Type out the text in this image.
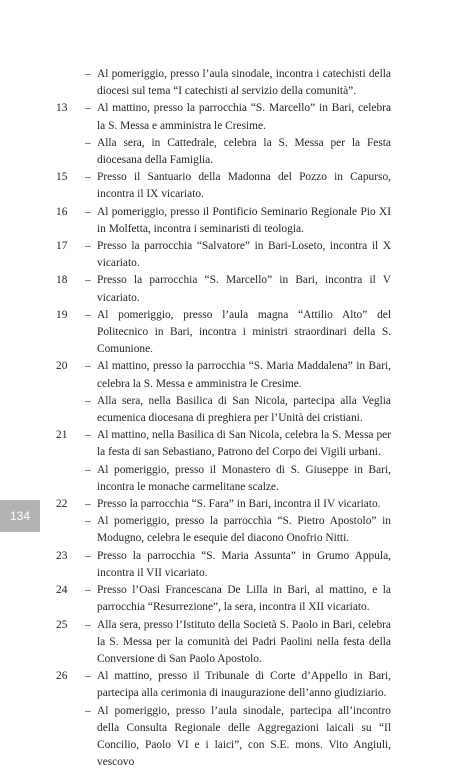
– Al pomeriggio, presso l’aula sinodale, incontra i catechisti della diocesi sul tema “I catechisti al servizio della comunità”.
13	– Al mattino, presso la parrocchia “S. Marcello” in Bari, celebra la S. Messa e amministra le Cresime.
– Alla sera, in Cattedrale, celebra la S. Messa per la Festa diocesana della Famiglia.
15	– Presso il Santuario della Madonna del Pozzo in Capurso, incontra il IX vicariato.
16	– Al pomeriggio, presso il Pontificio Seminario Regionale Pio XI in Molfetta, incontra i seminaristi di teologia.
17	– Presso la parrocchia “Salvatore” in Bari-Loseto, incontra il X vicariato.
18	– Presso la parrocchia “S. Marcello” in Bari, incontra il V vicariato.
19	– Al pomeriggio, presso l’aula magna “Attilio Alto” del Politecnico in Bari, incontra i ministri straordinari della S. Comunione.
20	– Al mattino, presso la parrocchia “S. Maria Maddalena” in Bari, celebra la S. Messa e amministra le Cresime.
– Alla sera, nella Basilica di San Nicola, partecipa alla Veglia ecumenica diocesana di preghiera per l’Unità dei cristiani.
21	– Al mattino, nella Basilica di San Nicola, celebra la S. Messa per la festa di san Sebastiano, Patrono del Corpo dei Vigili urbani.
– Al pomeriggio, presso il Monastero di S. Giuseppe in Bari, incontra le monache carmelitane scalze.
22	– Presso la parrocchia “S. Fara” in Bari, incontra il IV vicariato.
– Al pomeriggio, presso la parrocchia “S. Pietro Apostolo” in Modugno, celebra le esequie del diacono Onofrio Nitti.
23	– Presso la parrocchia “S. Maria Assunta” in Grumo Appula, incontra il VII vicariato.
24	– Presso l’Oasi Francescana De Lilla in Bari, al mattino, e la parrocchia “Resurrezione”, la sera, incontra il XII vicariato.
25	– Alla sera, presso l’Istituto della Società S. Paolo in Bari, celebra la S. Messa per la comunità dei Padri Paolini nella festa della Conversione di San Paolo Apostolo.
26	– Al mattino, presso il Tribunale di Corte d’Appello in Bari, partecipa alla cerimonia di inaugurazione dell’anno giudiziario.
– Al pomeriggio, presso l’aula sinodale, partecipa all’incontro della Consulta Regionale delle Aggregazioni laicali su “Il Concilio, Paolo VI e i laici”, con S.E. mons. Vito Angiuli, vescovo
134
